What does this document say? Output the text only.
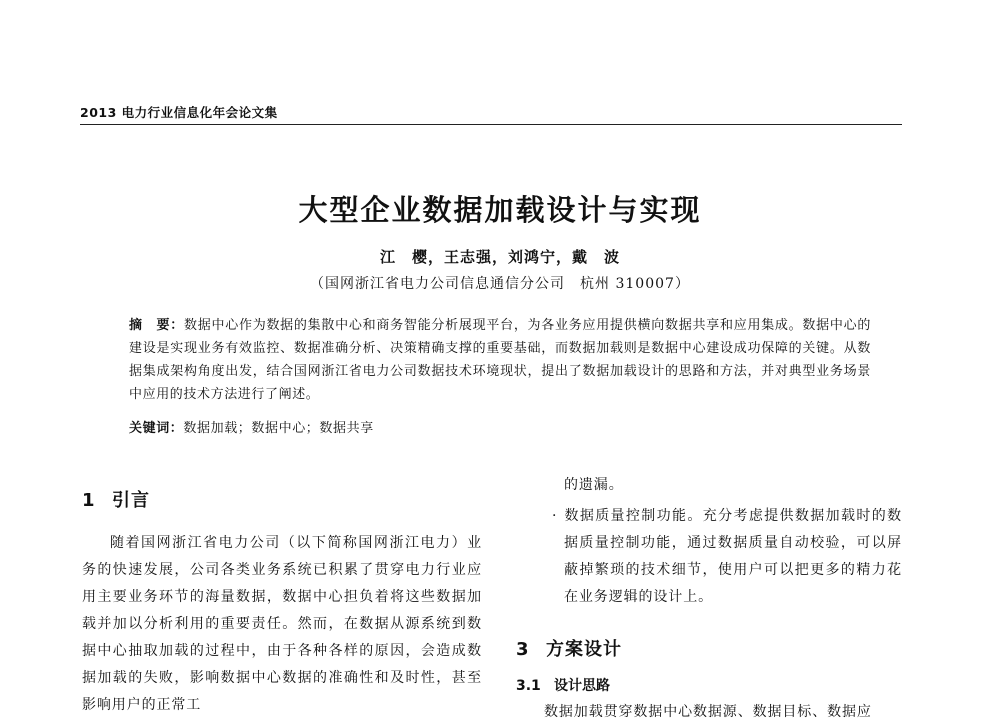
2013 电力行业信息化年会论文集
大型企业数据加载设计与实现
江　樱，王志强，刘鸿宁，戴　波
（国网浙江省电力公司信息通信分公司　杭州 310007）
摘　要：数据中心作为数据的集散中心和商务智能分析展现平台，为各业务应用提供横向数据共享和应用集成。数据中心的建设是实现业务有效监控、数据准确分析、决策精确支撑的重要基础，而数据加载则是数据中心建设成功保障的关键。从数据集成架构角度出发，结合国网浙江省电力公司数据技术环境现状，提出了数据加载设计的思路和方法，并对典型业务场景中应用的技术方法进行了阐述。
关键词：数据加载；数据中心；数据共享
1 引言

随着国网浙江省电力公司（以下简称国网浙江电力）业务的快速发展，公司各类业务系统已积累了贯穿电力行业应用主要业务环节的海量数据，数据中心担负着将这些数据加载并加以分析利用的重要责任。然而，在数据从源系统到数据中心抽取加载的过程中，由于各种各样的原因，会造成数据加载的失败，影响数据中心数据的准确性和及时性，甚至影响用户的正常工

的遗漏。

· 数据质量控制功能。充分考虑提供数据加载时的数据质量控制功能，通过数据质量自动校验，可以屏蔽掉繁琐的技术细节，使用户可以把更多的精力花在业务逻辑的设计上。

3 方案设计
3.1 设计思路

数据加载贯穿数据中心数据源、数据目标、数据应
